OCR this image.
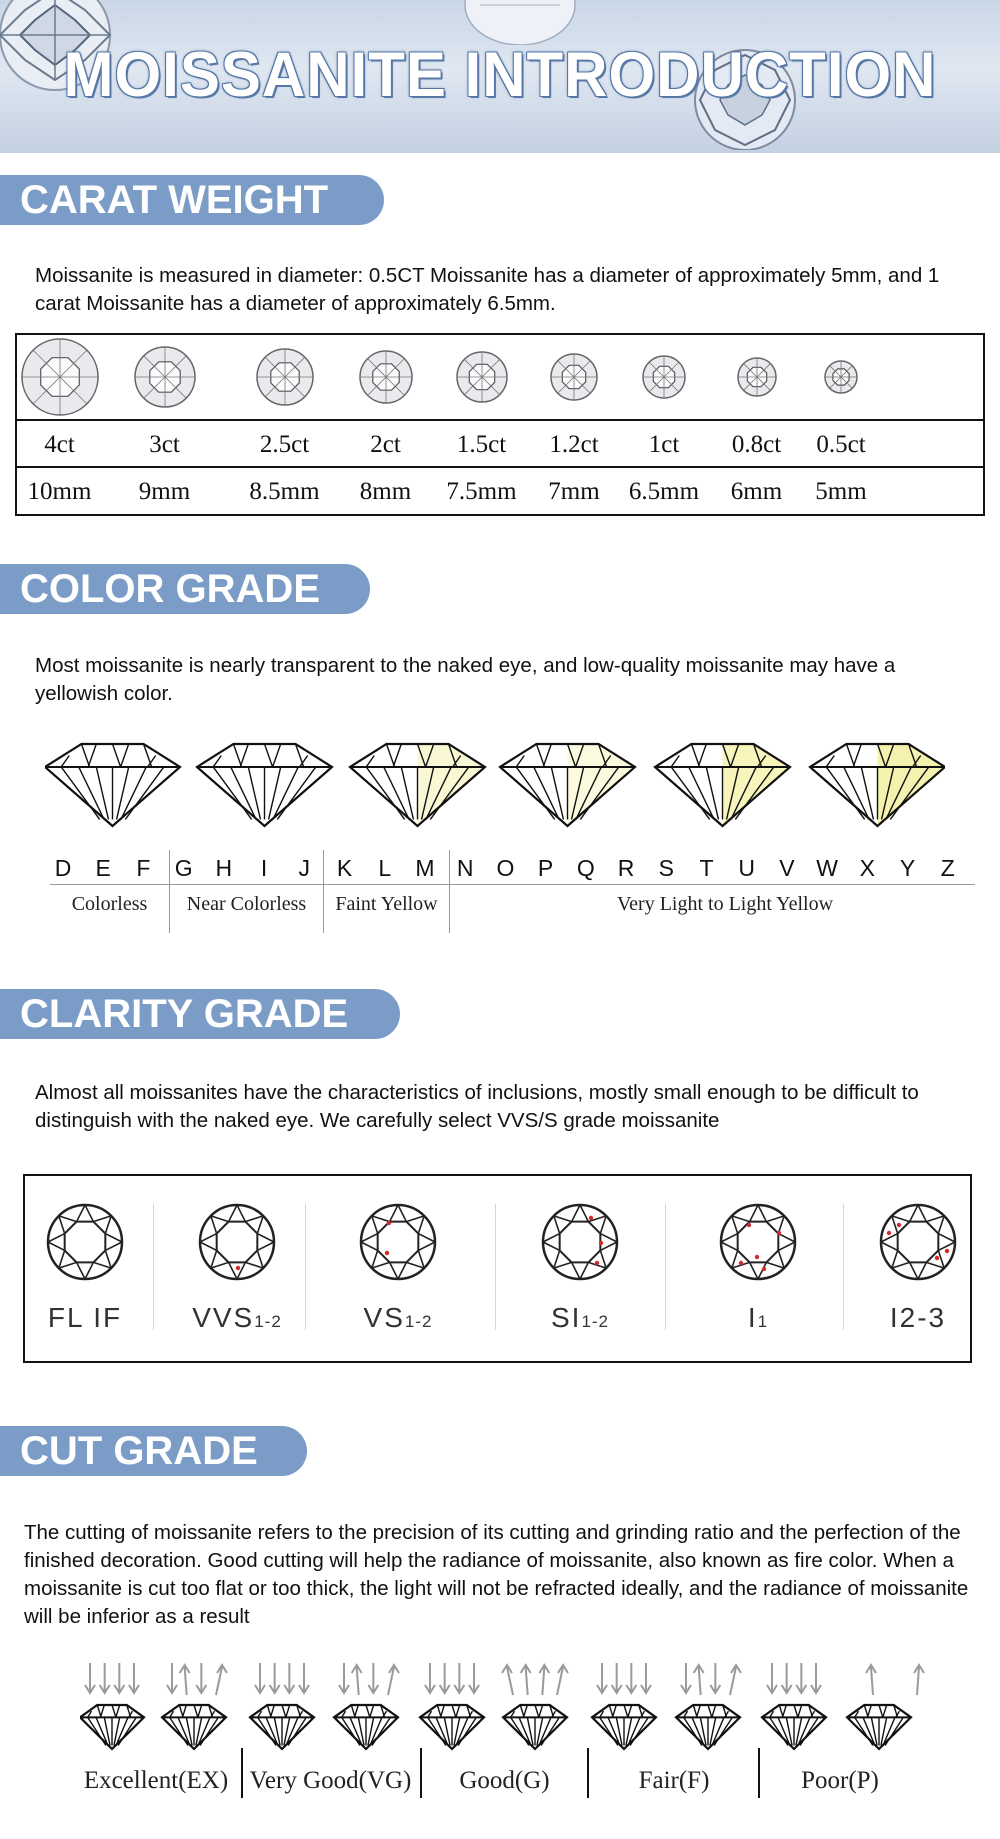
MOISSANITE INTRODUCTION
CARAT WEIGHT
Moissanite is measured in diameter: 0.5CT Moissanite has a diameter of approximately 5mm, and 1 carat Moissanite has a diameter of approximately 6.5mm.
4ct	3ct	2.5ct	2ct	1.5ct	1.2ct	1ct	0.8ct	0.5ct
10mm	9mm	8.5mm	8mm	7.5mm	7mm	6.5mm	6mm	5mm
COLOR GRADE
Most moissanite is nearly transparent to the naked eye, and low-quality moissanite may have a yellowish color.
D	E	F	G H	I	J	K	L	M N O	P	Q R	S	T	U	V W X	Y	Z
Colorless	Near Colorless	Faint Yellow	Very Light to Light Yellow
CLARITY GRADE
Almost all moissanites have the characteristics of inclusions, mostly small enough to be difficult to distinguish with the naked eye. We carefully select VVS/S grade moissanite
FL IF	VVS1-2	VS1-2	SI1-2	I1	I2-3
CUT GRADE
The cutting of moissanite refers to the precision of its cutting and grinding ratio and the perfection of the finished decoration. Good cutting will help the radiance of moissanite, also known as fire color. When a moissanite is cut too flat or too thick, the light will not be refracted ideally, and the radiance of moissanite will be inferior as a result
Excellent(EX) Very Good(VG)	Good(G)	Fair(F)	Poor(P)
